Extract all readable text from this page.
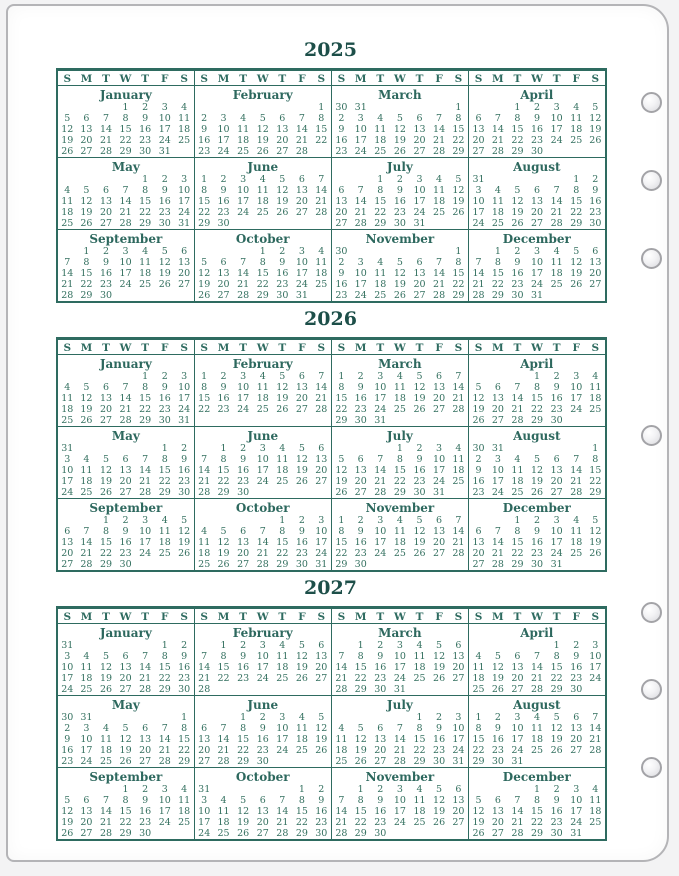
2025
S	M	T	W	T	F	S	S	M	T	W	T	F	S	S	M	T	W	T	F	S	S	M	T	W	T	F	S
January							February							March							April						
			1	2	3	4							1	30	31					1			1	2	3	4	5
5	6	7	8	9	10	11	2	3	4	5	6	7	8	2	3	4	5	6	7	8	6	7	8	9	10	11	12
12	13	14	15	16	17	18	9	10	11	12	13	14	15	9	10	11	12	13	14	15	13	14	15	16	17	18	19
19	20	21	22	23	24	25	16	17	18	19	20	21	22	16	17	18	19	20	21	22	20	21	22	23	24	25	26
26	27	28	29	30	31		23	24	25	26	27	28		23	24	25	26	27	28	29	27	28	29	30			
May							June							July							August						
				1	2	3	1	2	3	4	5	6	7			1	2	3	4	5	31					1	2
4	5	6	7	8	9	10	8	9	10	11	12	13	14	6	7	8	9	10	11	12	3	4	5	6	7	8	9
11	12	13	14	15	16	17	15	16	17	18	19	20	21	13	14	15	16	17	18	19	10	11	12	13	14	15	16
18	19	20	21	22	23	24	22	23	24	25	26	27	28	20	21	22	23	24	25	26	17	18	19	20	21	22	23
25	26	27	28	29	30	31	29	30						27	28	29	30	31			24	25	26	27	28	29	30
September							October							November							December						
	1	2	3	4	5	6				1	2	3	4	30						1		1	2	3	4	5	6
7	8	9	10	11	12	13	5	6	7	8	9	10	11	2	3	4	5	6	7	8	7	8	9	10	11	12	13
14	15	16	17	18	19	20	12	13	14	15	16	17	18	9	10	11	12	13	14	15	14	15	16	17	18	19	20
21	22	23	24	25	26	27	19	20	21	22	23	24	25	16	17	18	19	20	21	22	21	22	23	24	25	26	27
28	29	30					26	27	28	29	30	31		23	24	25	26	27	28	29	28	29	30	31			
2026
S	M	T	W	T	F	S	S	M	T	W	T	F	S	S	M	T	W	T	F	S	S	M	T	W	T	F	S
January							February							March							April						
				1	2	3	1	2	3	4	5	6	7	1	2	3	4	5	6	7				1	2	3	4
4	5	6	7	8	9	10	8	9	10	11	12	13	14	8	9	10	11	12	13	14	5	6	7	8	9	10	11
11	12	13	14	15	16	17	15	16	17	18	19	20	21	15	16	17	18	19	20	21	12	13	14	15	16	17	18
18	19	20	21	22	23	24	22	23	24	25	26	27	28	22	23	24	25	26	27	28	19	20	21	22	23	24	25
25	26	27	28	29	30	31								29	30	31					26	27	28	29	30		
May							June							July							August						
31					1	2		1	2	3	4	5	6				1	2	3	4	30	31					1
3	4	5	6	7	8	9	7	8	9	10	11	12	13	5	6	7	8	9	10	11	2	3	4	5	6	7	8
10	11	12	13	14	15	16	14	15	16	17	18	19	20	12	13	14	15	16	17	18	9	10	11	12	13	14	15
17	18	19	20	21	22	23	21	22	23	24	25	26	27	19	20	21	22	23	24	25	16	17	18	19	20	21	22
24	25	26	27	28	29	30	28	29	30					26	27	28	29	30	31		23	24	25	26	27	28	29
September							October							November							December						
		1	2	3	4	5					1	2	3	1	2	3	4	5	6	7			1	2	3	4	5
6	7	8	9	10	11	12	4	5	6	7	8	9	10	8	9	10	11	12	13	14	6	7	8	9	10	11	12
13	14	15	16	17	18	19	11	12	13	14	15	16	17	15	16	17	18	19	20	21	13	14	15	16	17	18	19
20	21	22	23	24	25	26	18	19	20	21	22	23	24	22	23	24	25	26	27	28	20	21	22	23	24	25	26
27	28	29	30				25	26	27	28	29	30	31	29	30						27	28	29	30	31		
2027
S	M	T	W	T	F	S	S	M	T	W	T	F	S	S	M	T	W	T	F	S	S	M	T	W	T	F	S
January							February							March							April						
31					1	2		1	2	3	4	5	6		1	2	3	4	5	6					1	2	3
3	4	5	6	7	8	9	7	8	9	10	11	12	13	7	8	9	10	11	12	13	4	5	6	7	8	9	10
10	11	12	13	14	15	16	14	15	16	17	18	19	20	14	15	16	17	18	19	20	11	12	13	14	15	16	17
17	18	19	20	21	22	23	21	22	23	24	25	26	27	21	22	23	24	25	26	27	18	19	20	21	22	23	24
24	25	26	27	28	29	30	28							28	29	30	31				25	26	27	28	29	30	
May							June							July							August						
30	31					1			1	2	3	4	5					1	2	3	1	2	3	4	5	6	7
2	3	4	5	6	7	8	6	7	8	9	10	11	12	4	5	6	7	8	9	10	8	9	10	11	12	13	14
9	10	11	12	13	14	15	13	14	15	16	17	18	19	11	12	13	14	15	16	17	15	16	17	18	19	20	21
16	17	18	19	20	21	22	20	21	22	23	24	25	26	18	19	20	21	22	23	24	22	23	24	25	26	27	28
23	24	25	26	27	28	29	27	28	29	30				25	26	27	28	29	30	31	29	30	31				
September							October							November							December						
			1	2	3	4	31					1	2		1	2	3	4	5	6				1	2	3	4
5	6	7	8	9	10	11	3	4	5	6	7	8	9	7	8	9	10	11	12	13	5	6	7	8	9	10	11
12	13	14	15	16	17	18	10	11	12	13	14	15	16	14	15	16	17	18	19	20	12	13	14	15	16	17	18
19	20	21	22	23	24	25	17	18	19	20	21	22	23	21	22	23	24	25	26	27	19	20	21	22	23	24	25
26	27	28	29	30			24	25	26	27	28	29	30	28	29	30					26	27	28	29	30	31	
